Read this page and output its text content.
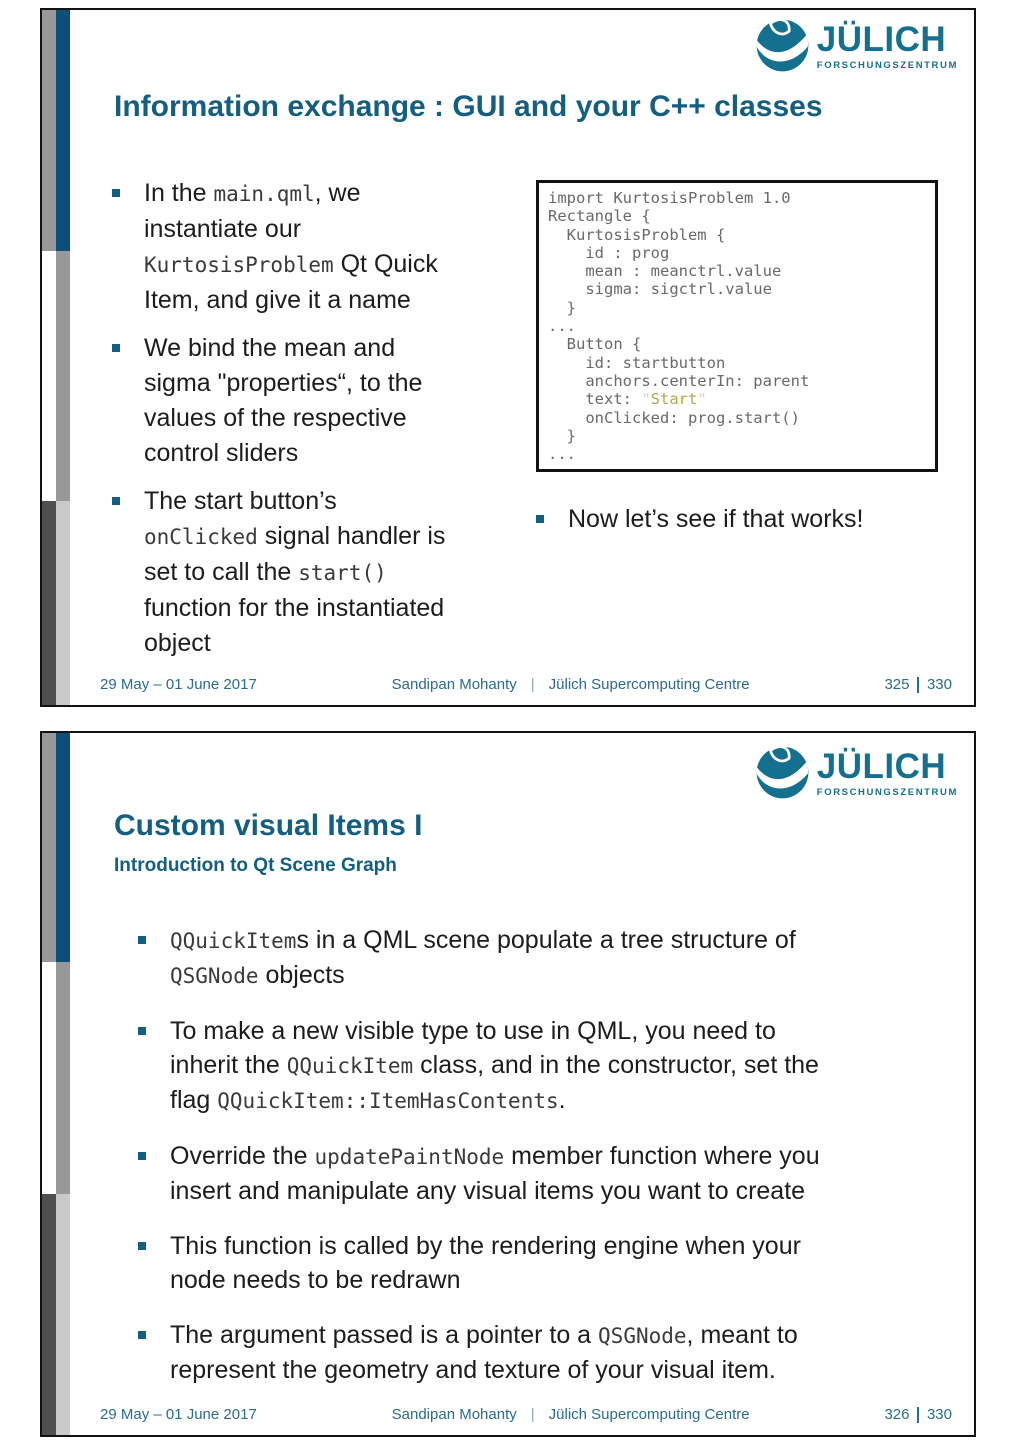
JÜLICH
FORSCHUNGSZENTRUM
Information exchange : GUI and your C++ classes
In the main.qml, we instantiate our KurtosisProblem Qt Quick Item, and give it a name
We bind the mean and sigma "properties“, to the values of the respective control sliders
The start button’s onClicked signal handler is set to call the start() function for the instantiated object
import KurtosisProblem 1.0
Rectangle {
KurtosisProblem {
id : prog
mean : meanctrl.value
sigma: sigctrl.value
}
...
Button {
id: startbutton
anchors.centerIn: parent
text: "Start"
onClicked: prog.start()
}
...
Now let’s see if that works!
29 May – 01 June 2017	Sandipan Mohanty | Jülich Supercomputing Centre	325 330
JÜLICH
FORSCHUNGSZENTRUM
Custom visual Items I
Introduction to Qt Scene Graph
QQuickItems in a QML scene populate a tree structure of QSGNode objects
To make a new visible type to use in QML, you need to inherit the QQuickItem class, and in the constructor, set the flag QQuickItem::ItemHasContents.
Override the updatePaintNode member function where you insert and manipulate any visual items you want to create
This function is called by the rendering engine when your node needs to be redrawn
The argument passed is a pointer to a QSGNode, meant to represent the geometry and texture of your visual item.
29 May – 01 June 2017	Sandipan Mohanty | Jülich Supercomputing Centre	326 330
